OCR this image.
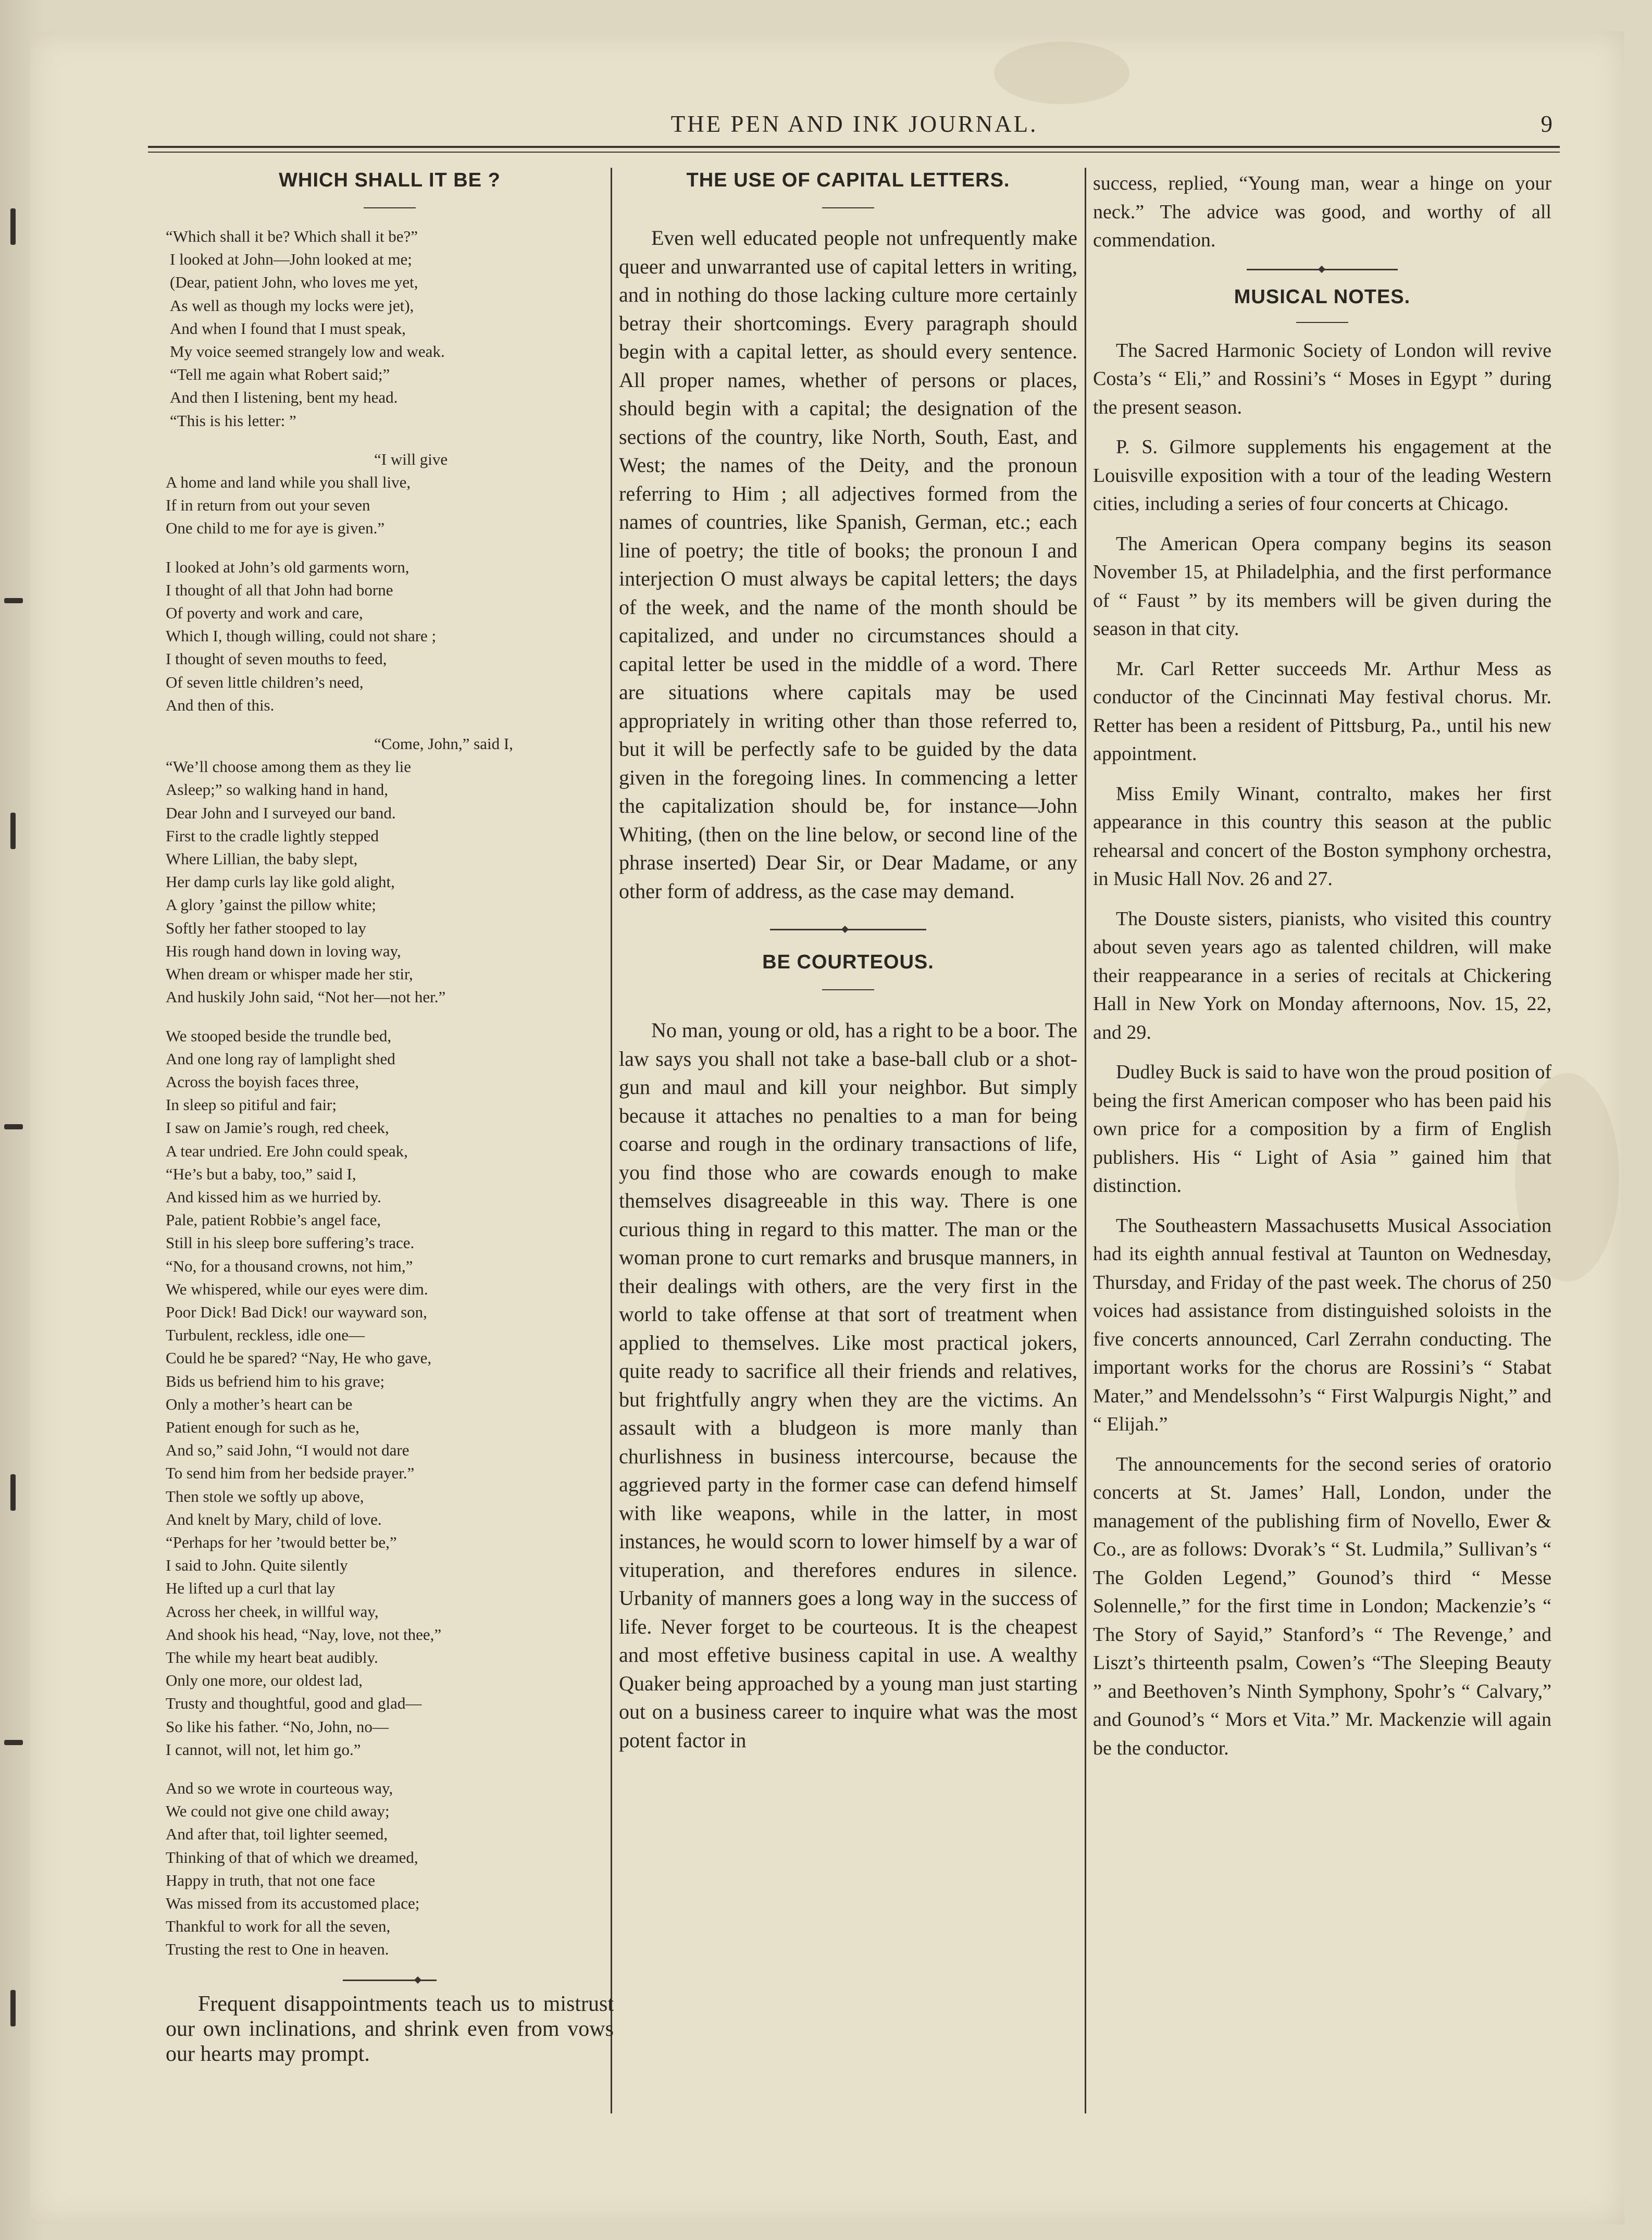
THE PEN AND INK JOURNAL.	9
WHICH SHALL IT BE ?
“Which shall it be? Which shall it be?”
I looked at John—John looked at me;
(Dear, patient John, who loves me yet,
As well as though my locks were jet),
And when I found that I must speak,
My voice seemed strangely low and weak.
“Tell me again what Robert said;”
And then I listening, bent my head.
“This is his letter: ”
“I will give
A home and land while you shall live,
If in return from out your seven
One child to me for aye is given.”
I looked at John’s old garments worn,
I thought of all that John had borne
Of poverty and work and care,
Which I, though willing, could not share ;
I thought of seven mouths to feed,
Of seven little children’s need,
And then of this.
“Come, John,” said I,
“We’ll choose among them as they lie
Asleep;” so walking hand in hand,
Dear John and I surveyed our band.
First to the cradle lightly stepped
Where Lillian, the baby slept,
Her damp curls lay like gold alight,
A glory ’gainst the pillow white;
Softly her father stooped to lay
His rough hand down in loving way,
When dream or whisper made her stir,
And huskily John said, “Not her—not her.”
We stooped beside the trundle bed,
And one long ray of lamplight shed
Across the boyish faces three,
In sleep so pitiful and fair;
I saw on Jamie’s rough, red cheek,
A tear undried. Ere John could speak,
“He’s but a baby, too,” said I,
And kissed him as we hurried by.
Pale, patient Robbie’s angel face,
Still in his sleep bore suffering’s trace.
“No, for a thousand crowns, not him,”
We whispered, while our eyes were dim.
Poor Dick! Bad Dick! our wayward son,
Turbulent, reckless, idle one—
Could he be spared? “Nay, He who gave,
Bids us befriend him to his grave;
Only a mother’s heart can be
Patient enough for such as he,
And so,” said John, “I would not dare
To send him from her bedside prayer.”
Then stole we softly up above,
And knelt by Mary, child of love.
“Perhaps for her ’twould better be,”
I said to John. Quite silently
He lifted up a curl that lay
Across her cheek, in willful way,
And shook his head, “Nay, love, not thee,”
The while my heart beat audibly.
Only one more, our oldest lad,
Trusty and thoughtful, good and glad—
So like his father. “No, John, no—
I cannot, will not, let him go.”
And so we wrote in courteous way,
We could not give one child away;
And after that, toil lighter seemed,
Thinking of that of which we dreamed,
Happy in truth, that not one face
Was missed from its accustomed place;
Thankful to work for all the seven,
Trusting the rest to One in heaven.

Frequent disappointments teach us to mistrust our own inclinations, and shrink even from vows our hearts may prompt.

THE USE OF CAPITAL LETTERS.

Even well educated people not unfrequently make queer and unwarranted use of capital letters in writing, and in nothing do those lacking culture more certainly betray their shortcomings. Every paragraph should begin with a capital letter, as should every sentence. All proper names, whether of persons or places, should begin with a capital; the designation of the sections of the country, like North, South, East, and West; the names of the Deity, and the pronoun referring to Him ; all adjectives formed from the names of countries, like Spanish, German, etc.; each line of poetry; the title of books; the pronoun I and interjection O must always be capital letters; the days of the week, and the name of the month should be capitalized, and under no circumstances should a capital letter be used in the middle of a word. There are situations where capitals may be used appropriately in writing other than those referred to, but it will be perfectly safe to be guided by the data given in the foregoing lines. In commencing a letter the capitalization should be, for instance—John Whiting, (then on the line below, or second line of the phrase inserted) Dear Sir, or Dear Madame, or any other form of address, as the case may demand.

BE COURTEOUS.

No man, young or old, has a right to be a boor. The law says you shall not take a base-ball club or a shot-gun and maul and kill your neighbor. But simply because it attaches no penalties to a man for being coarse and rough in the ordinary transactions of life, you find those who are cowards enough to make themselves disagreeable in this way. There is one curious thing in regard to this matter. The man or the woman prone to curt remarks and brusque manners, in their dealings with others, are the very first in the world to take offense at that sort of treatment when applied to themselves. Like most practical jokers, quite ready to sacrifice all their friends and relatives, but frightfully angry when they are the victims. An assault with a bludgeon is more manly than churlishness in business intercourse, because the aggrieved party in the former case can defend himself with like weapons, while in the latter, in most instances, he would scorn to lower himself by a war of vituperation, and therefores endures in silence. Urbanity of manners goes a long way in the success of life. Never forget to be courteous. It is the cheapest and most effetive business capital in use. A wealthy Quaker being approached by a young man just starting out on a business career to inquire what was the most potent factor in

success, replied, “Young man, wear a hinge on your neck.” The advice was good, and worthy of all commendation.

MUSICAL NOTES.

The Sacred Harmonic Society of London will revive Costa’s “ Eli,” and Rossini’s “ Moses in Egypt ” during the present season.

P. S. Gilmore supplements his engagement at the Louisville exposition with a tour of the leading Western cities, including a series of four concerts at Chicago.

The American Opera company begins its season November 15, at Philadelphia, and the first performance of “ Faust ” by its members will be given during the season in that city.

Mr. Carl Retter succeeds Mr. Arthur Mess as conductor of the Cincinnati May festival chorus. Mr. Retter has been a resident of Pittsburg, Pa., until his new appointment.

Miss Emily Winant, contralto, makes her first appearance in this country this season at the public rehearsal and concert of the Boston symphony orchestra, in Music Hall Nov. 26 and 27.

The Douste sisters, pianists, who visited this country about seven years ago as talented children, will make their reappearance in a series of recitals at Chickering Hall in New York on Monday afternoons, Nov. 15, 22, and 29.

Dudley Buck is said to have won the proud position of being the first American composer who has been paid his own price for a composition by a firm of English publishers. His “ Light of Asia ” gained him that distinction.

The Southeastern Massachusetts Musical Association had its eighth annual festival at Taunton on Wednesday, Thursday, and Friday of the past week. The chorus of 250 voices had assistance from distinguished soloists in the five concerts announced, Carl Zerrahn conducting. The important works for the chorus are Rossini’s “ Stabat Mater,” and Mendelssohn’s “ First Walpurgis Night,” and “ Elijah.”

The announcements for the second series of oratorio concerts at St. James’ Hall, London, under the management of the publishing firm of Novello, Ewer & Co., are as follows: Dvorak’s “ St. Ludmila,” Sullivan’s “ The Golden Legend,” Gounod’s third “ Messe Solennelle,” for the first time in London; Mackenzie’s “ The Story of Sayid,” Stanford’s “ The Revenge,’ and Liszt’s thirteenth psalm, Cowen’s “The Sleeping Beauty ” and Beethoven’s Ninth Symphony, Spohr’s “ Calvary,” and Gounod’s “ Mors et Vita.” Mr. Mackenzie will again be the conductor.
